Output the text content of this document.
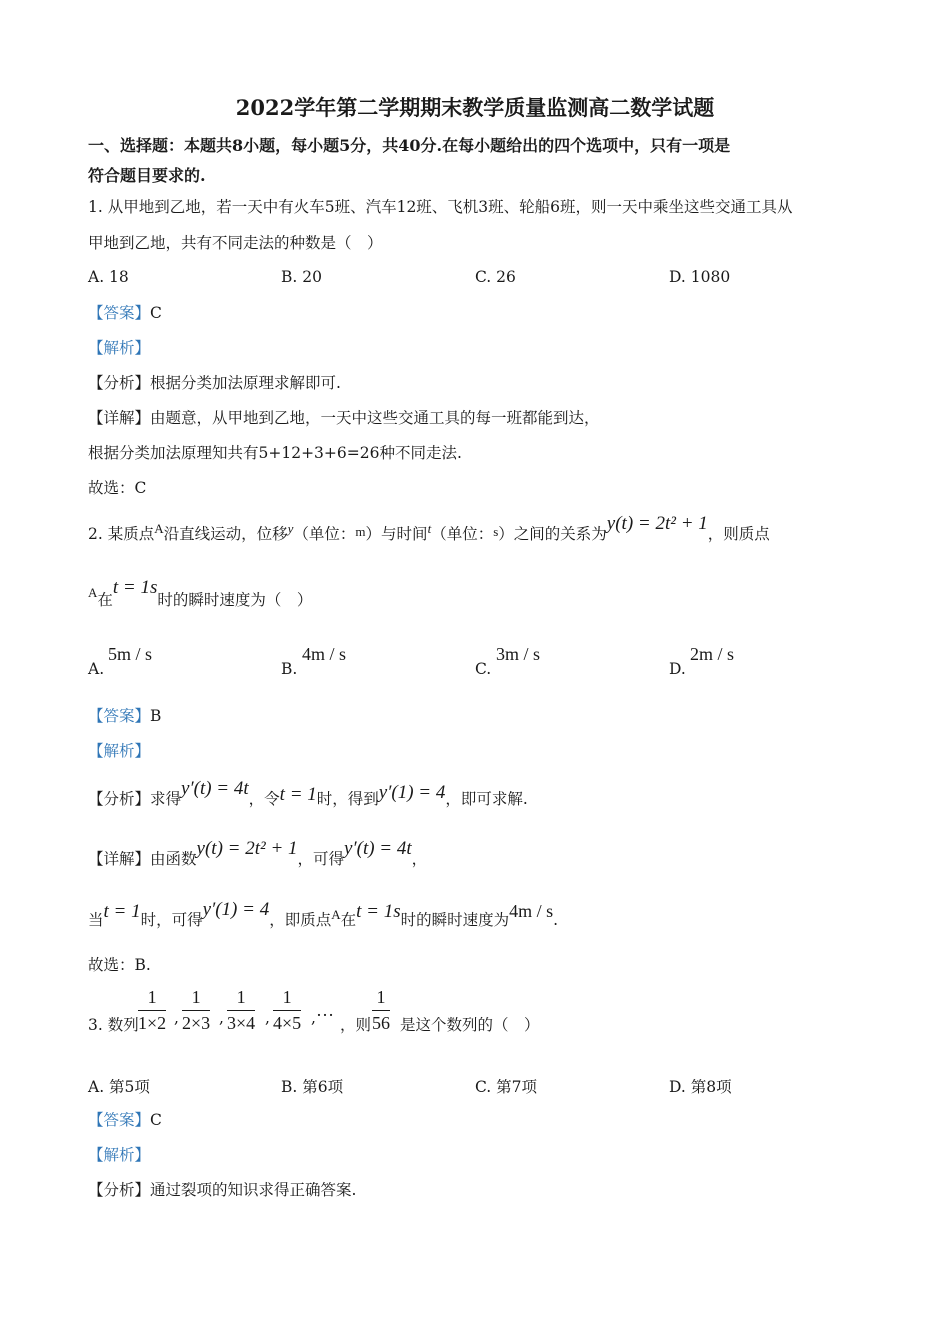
2022学年第二学期期末教学质量监测高二数学试题
一、选择题：本题共8小题，每小题5分，共40分.在每小题给出的四个选项中，只有一项是
符合题目要求的.
1. 从甲地到乙地，若一天中有火车5班、汽车12班、飞机3班、轮船6班，则一天中乘坐这些交通工具从
甲地到乙地，共有不同走法的种数是（　）
A. 18	B. 20	C. 26	D. 1080
【答案】C
【解析】
【分析】根据分类加法原理求解即可.
【详解】由题意，从甲地到乙地，一天中这些交通工具的每一班都能到达，
根据分类加法原理知共有5+12+3+6=26种不同走法.
故选：C
2. 某质点$^A$沿直线运动，位移$^y$（单位：m）与时间$^t$（单位：s）之间的关系为y(t) = 2t² + 1，则质点
$^A$在t = 1s时的瞬时速度为（　）
A.
5m / s
B.
4m / s
C.
3m / s
D.
2m / s
【答案】B
【解析】
【分析】求得y′(t) = 4t，令t = 1时，得到y′(1) = 4，即可求解.
【详解】由函数y(t) = 2t² + 1，可得y′(t) = 4t，
当t = 1时，可得y′(1) = 4，即质点$^A$在t = 1s时的瞬时速度为4m / s.
故选：B.
3. 数列
1
1×2 ,
1
2×3 ,
1
3×4 ,
1
4×5 , …
，则
1
56 是这个数列的（　）
A. 第5项	B. 第6项	C. 第7项	D. 第8项
【答案】C
【解析】
【分析】通过裂项的知识求得正确答案.
